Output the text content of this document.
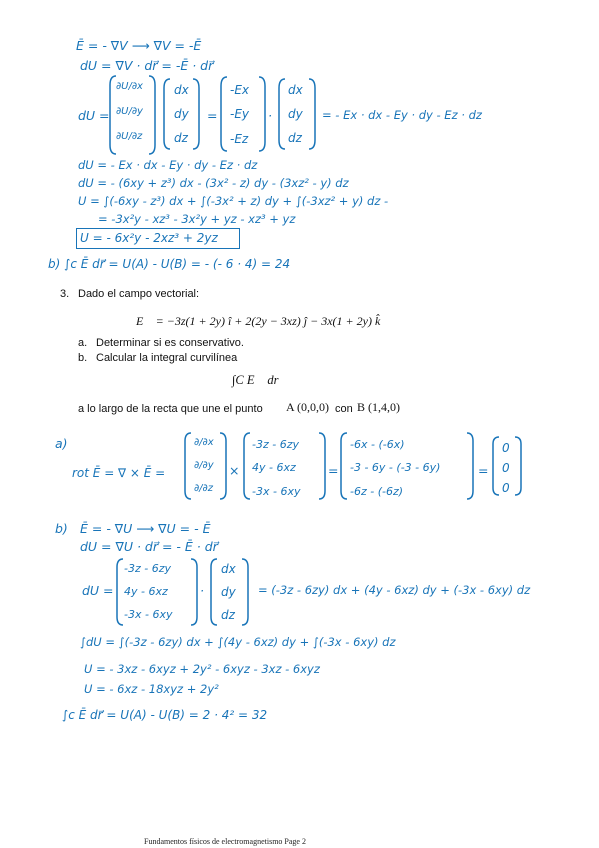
Ē = - ∇V ⟶ ∇V = -Ē
dU = ∇V · dr⃗ = -Ē · dr⃗
dU =
∂U/∂x
∂U/∂y
∂U/∂z
dx
dy
dz
=
-Ex
-Ey
-Ez
·
dx
dy
dz
= - Ex · dx - Ey · dy - Ez · dz
dU = - Ex · dx - Ey · dy - Ez · dz
dU = - (6xy + z³) dx - (3x² - z) dy - (3xz² - y) dz
U = ∫(-6xy - z³) dx + ∫(-3x² + z) dy + ∫(-3xz² + y) dz -
= -3x²y - xz³ - 3x²y + yz - xz³ + yz
U = - 6x²y - 2xz³ + 2yz
b) ∫c Ē dr⃗ = U(A) - U(B) = - (- 6 · 4) = 24
3. Dado el campo vectorial:
E⃗ = −3z(1 + 2y) î + 2(2y − 3xz) ĵ − 3x(1 + 2y) k̂
a. Determinar si es conservativo.
b. Calcular la integral curvilínea
∫C E⃗ dr⃗
a lo largo de la recta que une el punto A (0,0,0) con B (1,4,0)
a)
rot Ē = ∇ × Ē =
∂/∂x
∂/∂y
∂/∂z
×
-3z - 6zy
4y - 6xz
-3x - 6xy
=
-6x - (-6x)
-3 - 6y - (-3 - 6y)
-6z - (-6z)
=
0
0
0
b) Ē = - ∇U ⟶ ∇U = - Ē
dU = ∇U · dr⃗ = - Ē · dr⃗
dU =
-3z - 6zy
4y - 6xz
-3x - 6xy
·
dx
dy
dz
= (-3z - 6zy) dx + (4y - 6xz) dy + (-3x - 6xy) dz
∫dU = ∫(-3z - 6zy) dx + ∫(4y - 6xz) dy + ∫(-3x - 6xy) dz
U = - 3xz - 6xyz + 2y² - 6xyz - 3xz - 6xyz
U = - 6xz - 18xyz + 2y²
∫c Ē dr⃗ = U(A) - U(B) = 2 · 4² = 32
Fundamentos físicos de electromagnetismo Page 2
